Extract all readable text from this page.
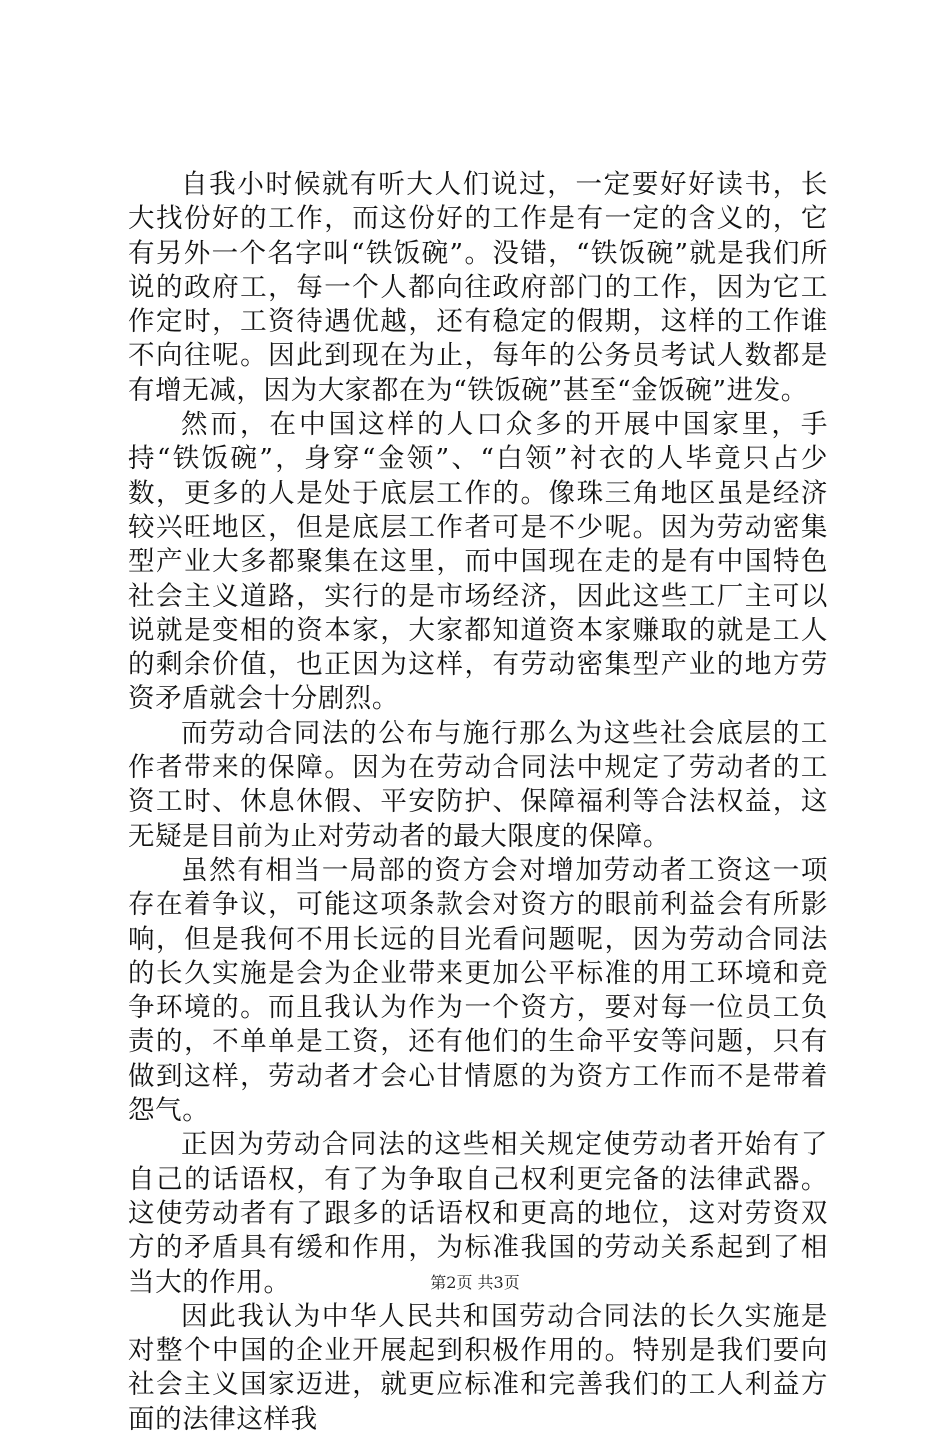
自我小时候就有听大人们说过，一定要好好读书，长大找份好的工作，而这份好的工作是有一定的含义的，它有另外一个名字叫“铁饭碗”。没错，“铁饭碗”就是我们所说的政府工，每一个人都向往政府部门的工作，因为它工作定时，工资待遇优越，还有稳定的假期，这样的工作谁不向往呢。因此到现在为止，每年的公务员考试人数都是有增无减，因为大家都在为“铁饭碗”甚至“金饭碗”进发。

然而，在中国这样的人口众多的开展中国家里，手持“铁饭碗”，身穿“金领”、“白领”衬衣的人毕竟只占少数，更多的人是处于底层工作的。像珠三角地区虽是经济较兴旺地区，但是底层工作者可是不少呢。因为劳动密集型产业大多都聚集在这里，而中国现在走的是有中国特色社会主义道路，实行的是市场经济，因此这些工厂主可以说就是变相的资本家，大家都知道资本家赚取的就是工人的剩余价值，也正因为这样，有劳动密集型产业的地方劳资矛盾就会十分剧烈。

而劳动合同法的公布与施行那么为这些社会底层的工作者带来的保障。因为在劳动合同法中规定了劳动者的工资工时、休息休假、平安防护、保障福利等合法权益，这无疑是目前为止对劳动者的最大限度的保障。

虽然有相当一局部的资方会对增加劳动者工资这一项存在着争议，可能这项条款会对资方的眼前利益会有所影响，但是我何不用长远的目光看问题呢，因为劳动合同法的长久实施是会为企业带来更加公平标准的用工环境和竞争环境的。而且我认为作为一个资方，要对每一位员工负责的，不单单是工资，还有他们的生命平安等问题，只有做到这样，劳动者才会心甘情愿的为资方工作而不是带着怨气。

正因为劳动合同法的这些相关规定使劳动者开始有了自己的话语权，有了为争取自己权利更完备的法律武器。这使劳动者有了跟多的话语权和更高的地位，这对劳资双方的矛盾具有缓和作用，为标准我国的劳动关系起到了相当大的作用。

因此我认为中华人民共和国劳动合同法的长久实施是对整个中国的企业开展起到积极作用的。特别是我们要向社会主义国家迈进，就更应标准和完善我们的工人利益方面的法律这样我

第2页 共3页
